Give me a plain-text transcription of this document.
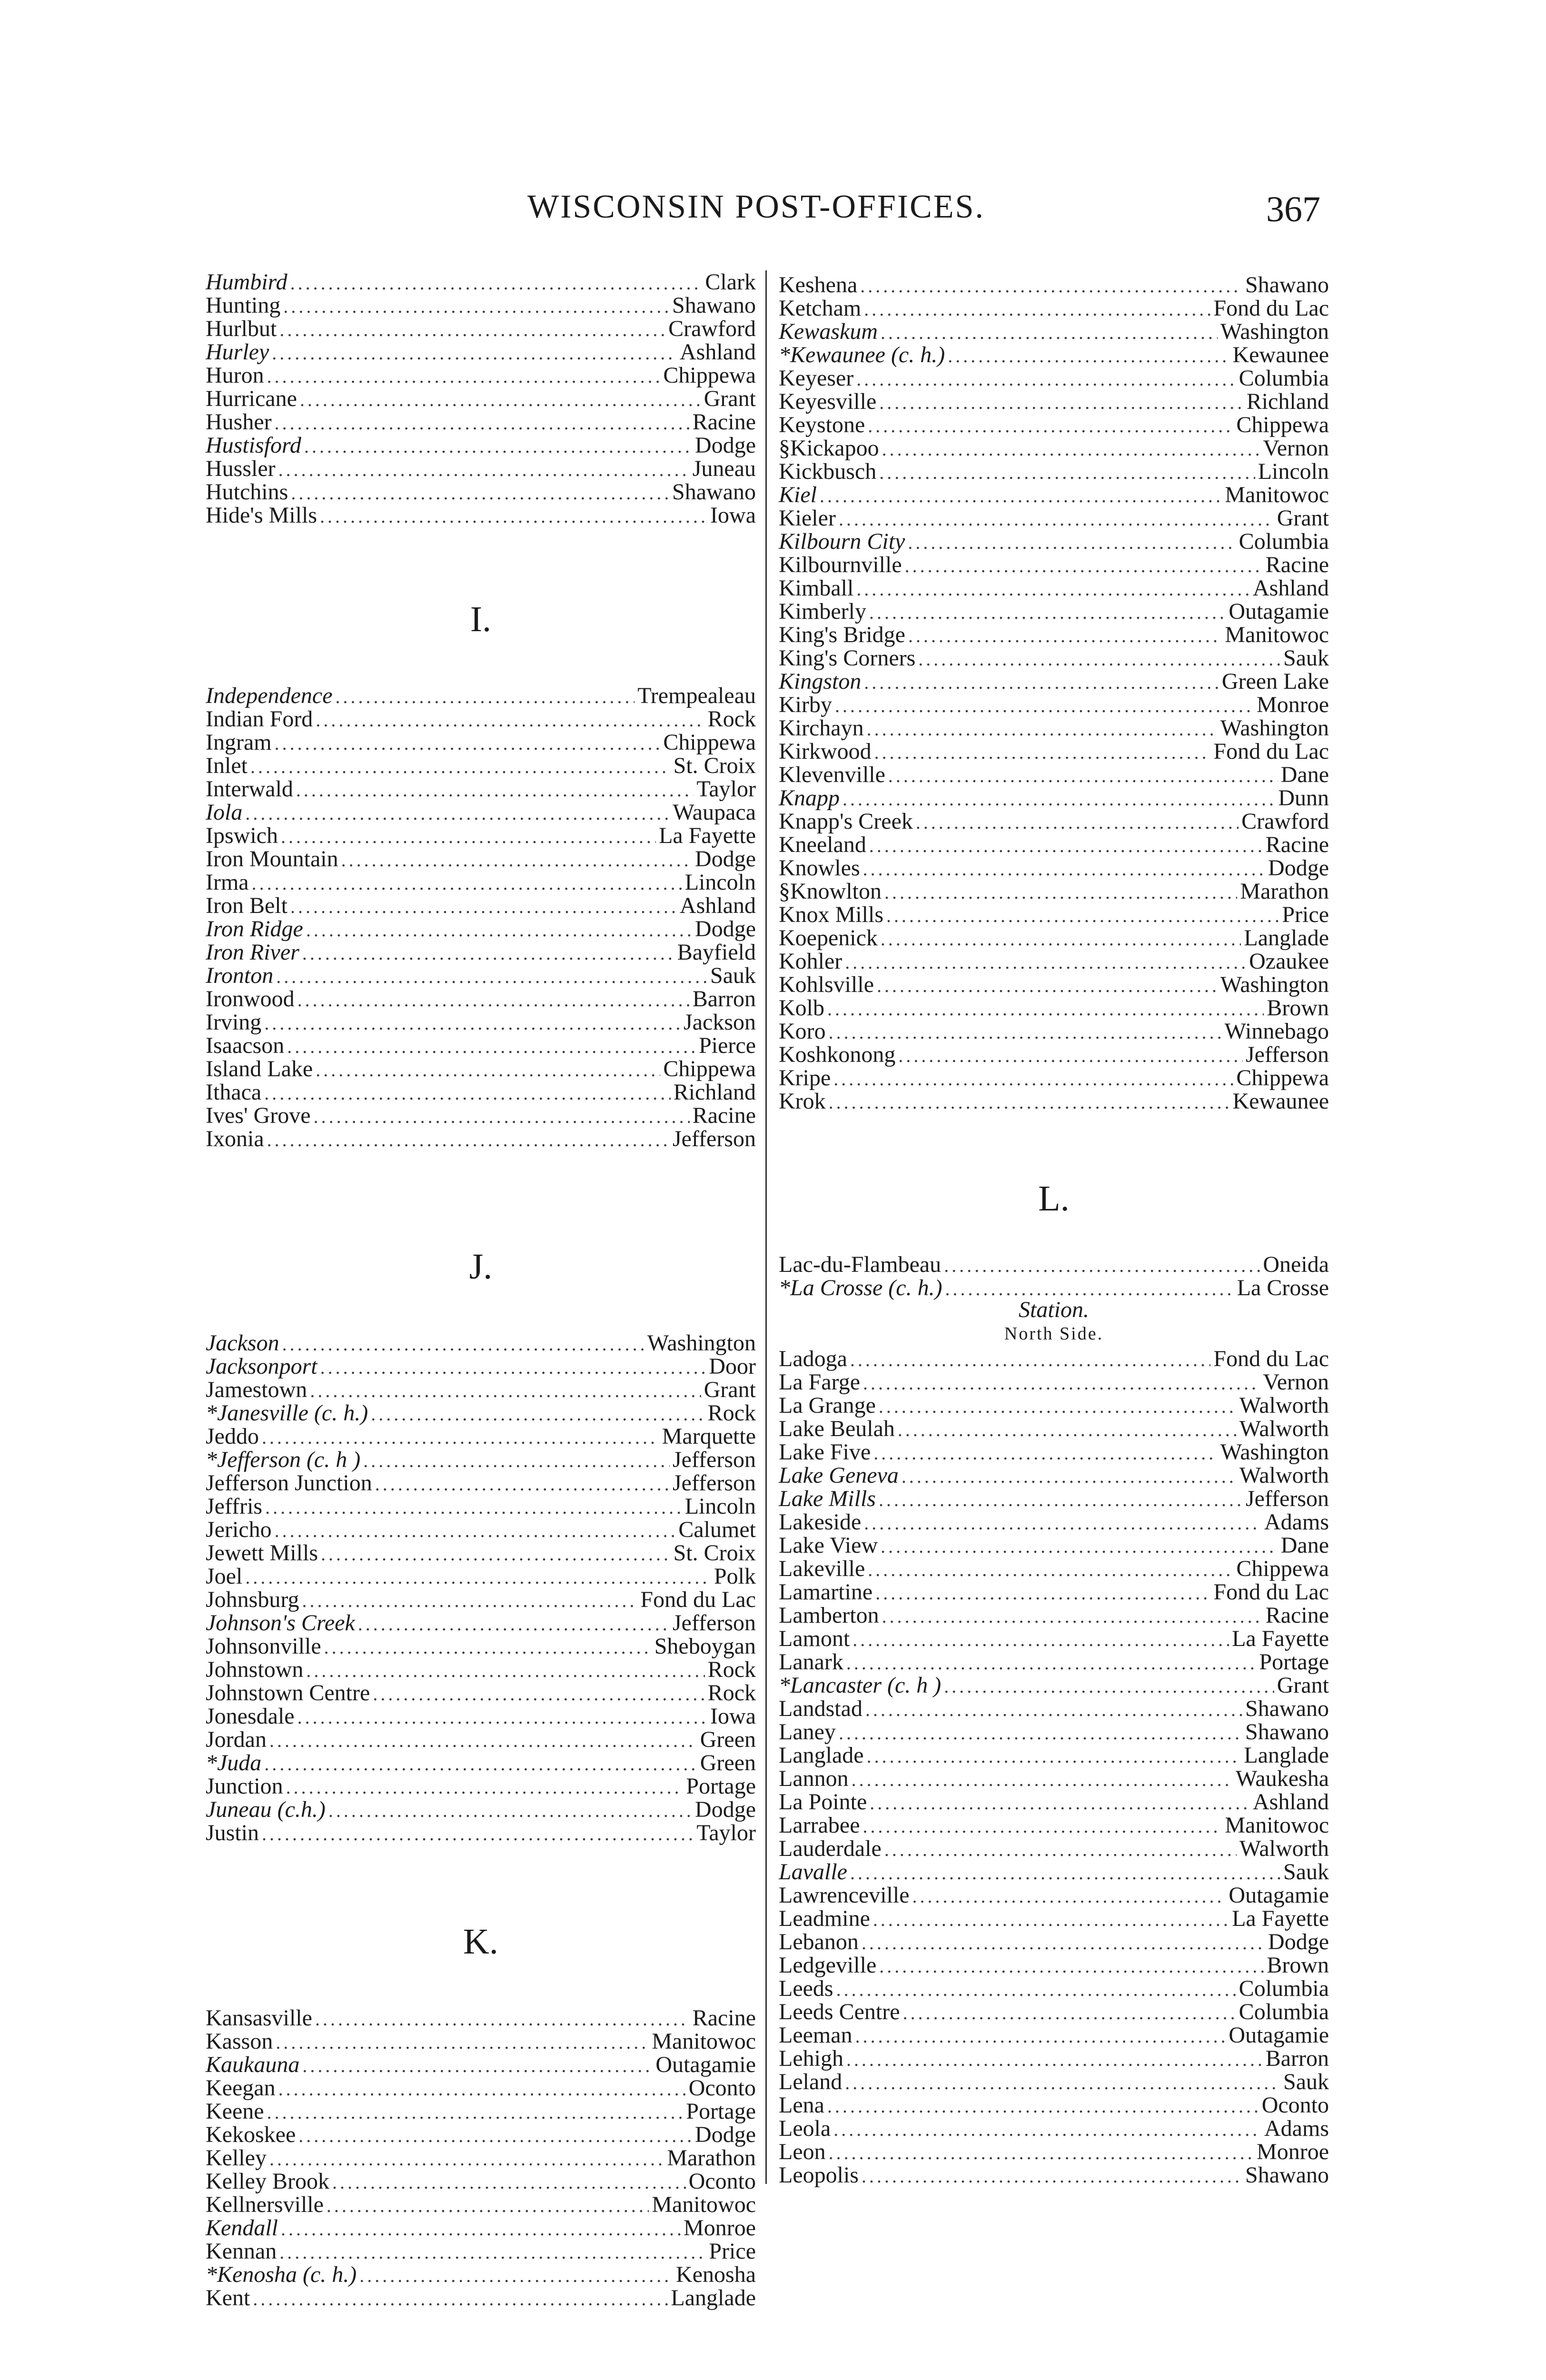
WISCONSIN POST-OFFICES.	367
Humbird .....	Clark
Hunting .....	Shawano
Hurlbut .....	Crawford
Hurley .....	Ashland
Huron .....	Chippewa
Hurricane .....	Grant
Husher .....	Racine
Hustisford .....	Dodge
Hussler .....	Juneau
Hutchins .....	Shawano
Hide's Mills .....	Iowa
I.
Independence .....	Trempealeau
Indian Ford .....	Rock
Ingram .....	Chippewa
Inlet .....	St. Croix
Interwald .....	Taylor
Iola .....	Waupaca
Ipswich .....	La Fayette
Iron Mountain .....	Dodge
Irma .....	Lincoln
Iron Belt .....	Ashland
Iron Ridge .....	Dodge
Iron River .....	Bayfield
Ironton .....	Sauk
Ironwood .....	Barron
Irving .....	Jackson
Isaacson .....	Pierce
Island Lake .....	Chippewa
Ithaca .....	Richland
Ives' Grove .....	Racine
Ixonia .....	Jefferson
J.
Jackson .....	Washington
Jacksonport .....	Door
Jamestown .....	Grant
*Janesville (c. h.) .....	Rock
Jeddo .....	Marquette
*Jefferson (c. h ) .....	Jefferson
Jefferson Junction .....	Jefferson
Jeffris .....	Lincoln
Jericho .....	Calumet
Jewett Mills .....	St. Croix
Joel .....	Polk
Johnsburg .....	Fond du Lac
Johnson's Creek .....	Jefferson
Johnsonville .....	Sheboygan
Johnstown .....	Rock
Johnstown Centre .....	Rock
Jonesdale .....	Iowa
Jordan .....	Green
*Juda .....	Green
Junction .....	Portage
Juneau (c.h.) .....	Dodge
Justin .....	Taylor
K.
Kansasville .....	Racine
Kasson .....	Manitowoc
Kaukauna .....	Outagamie
Keegan .....	Oconto
Keene .....	Portage
Kekoskee .....	Dodge
Kelley .....	Marathon
Kelley Brook .....	Oconto
Kellnersville .....	Manitowoc
Kendall .....	Monroe
Kennan .....	Price
*Kenosha (c. h.) .....	Kenosha
Kent .....	Langlade
Keshena .....	Shawano
Ketcham .....	Fond du Lac
Kewaskum .....	Washington
*Kewaunee (c. h.) .....	Kewaunee
Keyeser .....	Columbia
Keyesville .....	Richland
Keystone .....	Chippewa
§Kickapoo .....	Vernon
Kickbusch .....	Lincoln
Kiel .....	Manitowoc
Kieler .....	Grant
Kilbourn City .....	Columbia
Kilbournville .....	Racine
Kimball .....	Ashland
Kimberly .....	Outagamie
King's Bridge .....	Manitowoc
King's Corners .....	Sauk
Kingston .....	Green Lake
Kirby .....	Monroe
Kirchayn .....	Washington
Kirkwood .....	Fond du Lac
Klevenville .....	Dane
Knapp .....	Dunn
Knapp's Creek .....	Crawford
Kneeland .....	Racine
Knowles .....	Dodge
§Knowlton .....	Marathon
Knox Mills .....	Price
Koepenick .....	Langlade
Kohler .....	Ozaukee
Kohlsville .....	Washington
Kolb .....	Brown
Koro .....	Winnebago
Koshkonong .....	Jefferson
Kripe .....	Chippewa
Krok .....	Kewaunee
L.
Lac-du-Flambeau .....	Oneida
*La Crosse (c. h.) .....	La Crosse
Station.
North Side.
Ladoga .....	Fond du Lac
La Farge .....	Vernon
La Grange .....	Walworth
Lake Beulah .....	Walworth
Lake Five .....	Washington
Lake Geneva .....	Walworth
Lake Mills .....	Jefferson
Lakeside .....	Adams
Lake View .....	Dane
Lakeville .....	Chippewa
Lamartine .....	Fond du Lac
Lamberton .....	Racine
Lamont .....	La Fayette
Lanark .....	Portage
*Lancaster (c. h ) .....	Grant
Landstad .....	Shawano
Laney .....	Shawano
Langlade .....	Langlade
Lannon .....	Waukesha
La Pointe .....	Ashland
Larrabee .....	Manitowoc
Lauderdale .....	Walworth
Lavalle .....	Sauk
Lawrenceville .....	Outagamie
Leadmine .....	La Fayette
Lebanon .....	Dodge
Ledgeville .....	Brown
Leeds .....	Columbia
Leeds Centre .....	Columbia
Leeman .....	Outagamie
Lehigh .....	Barron
Leland .....	Sauk
Lena .....	Oconto
Leola .....	Adams
Leon .....	Monroe
Leopolis .....	Shawano
